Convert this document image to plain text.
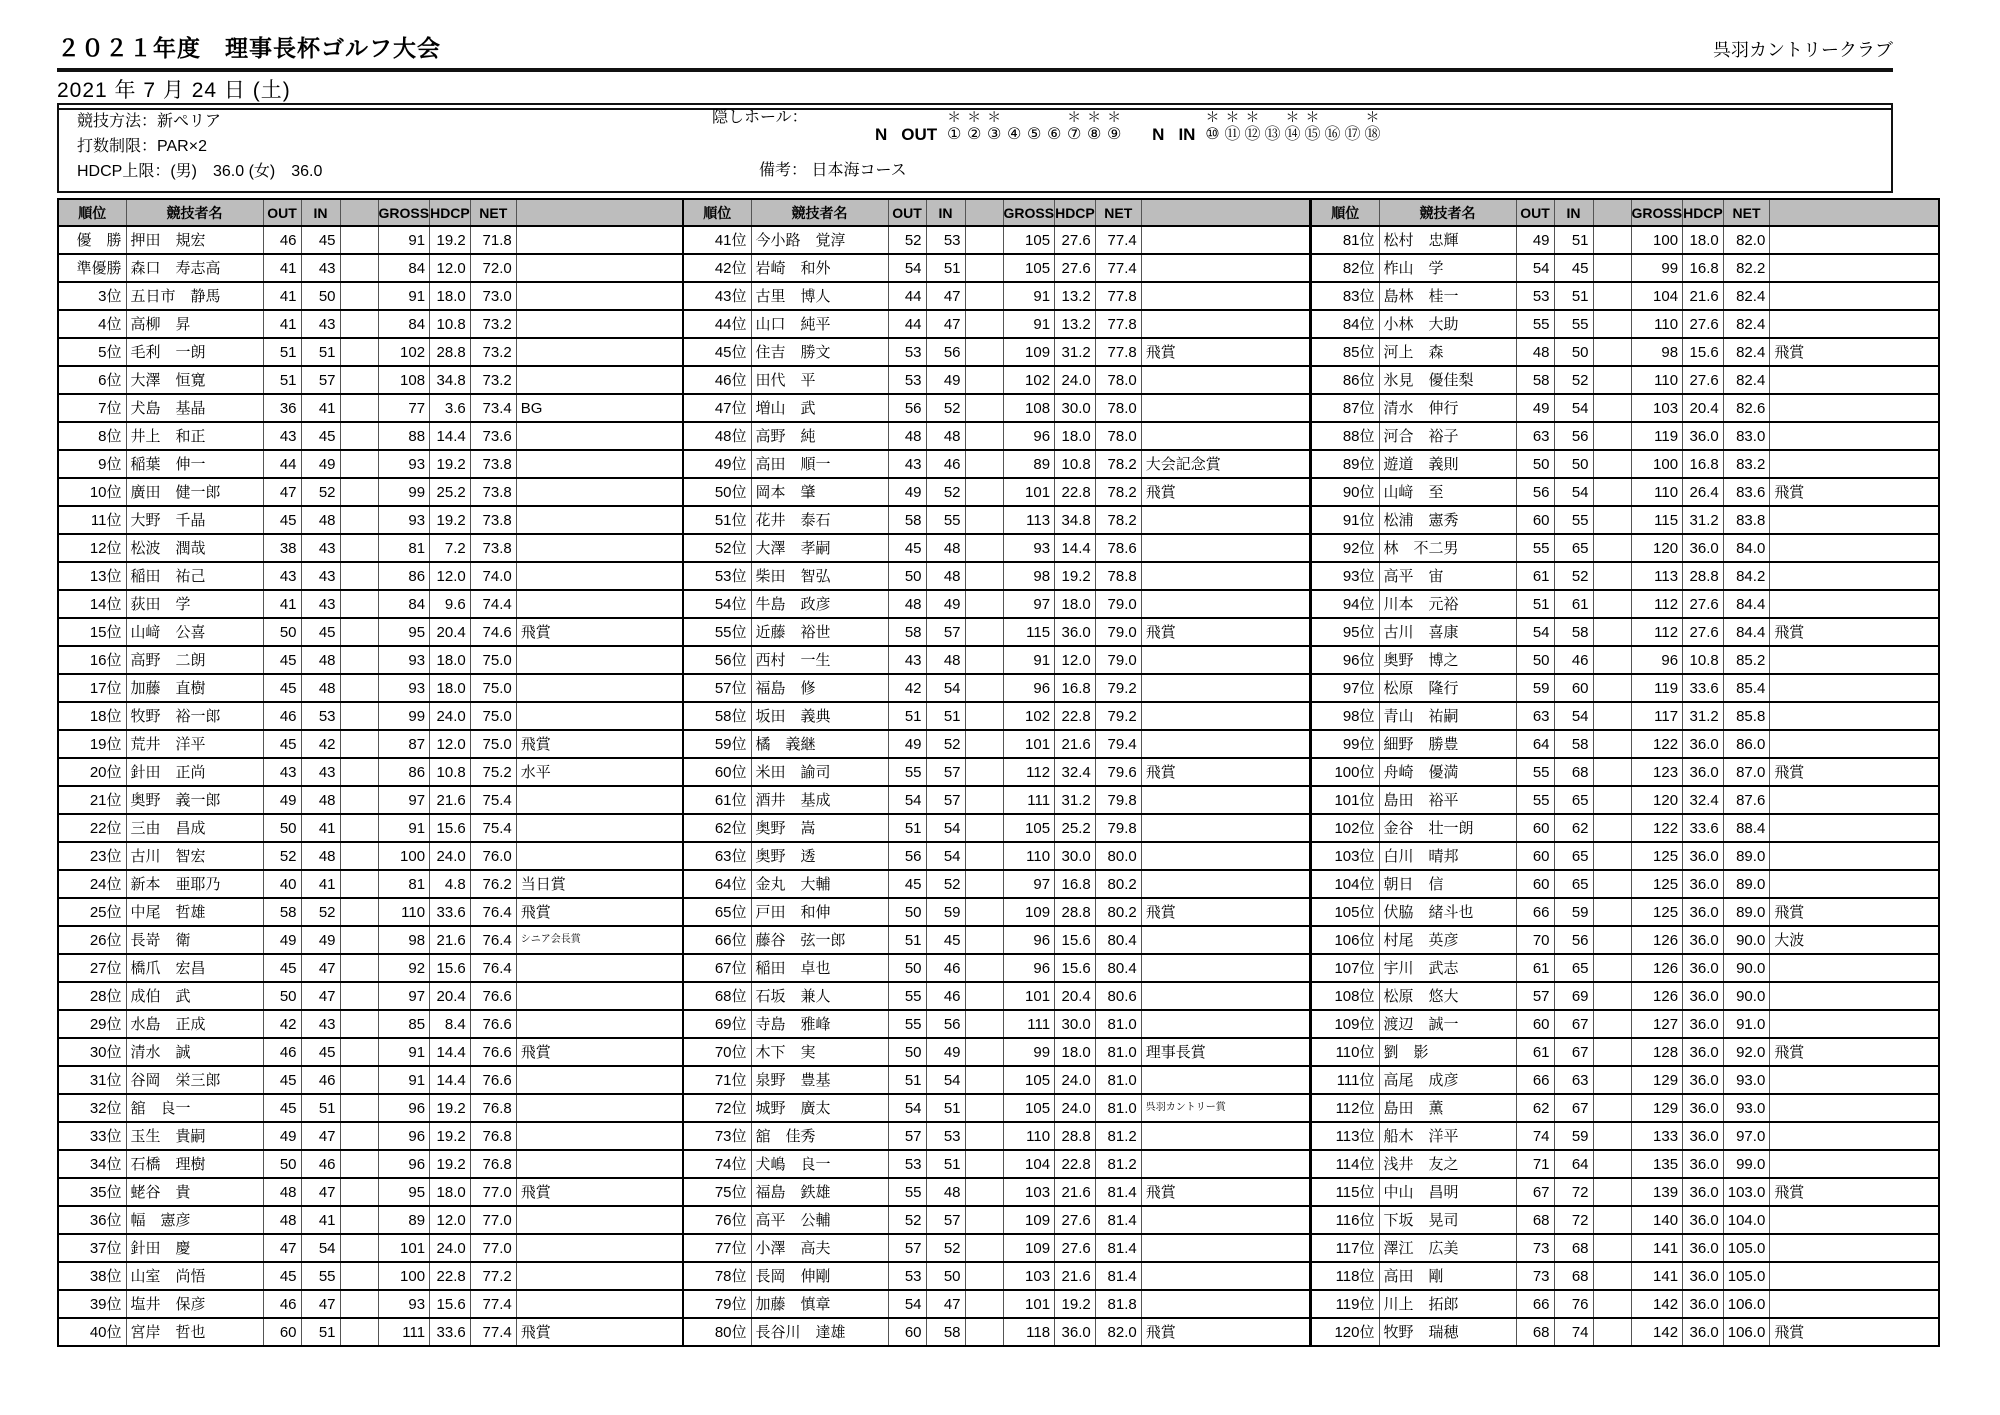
２０２１年度　理事長杯ゴルフ大会	呉羽カントリークラブ
2021 年 7 月 24 日 (土)
競技方法：新ペリア
打数制限：PAR×2
HDCP上限：(男)　36.0 (女)　36.0
隠しホール：
N OUT
＊
①
＊
②
＊
③ ④ ⑤ ⑥
＊
⑦
＊
⑧
＊
⑨ N IN
＊
⑩
＊
⑪
＊
⑫ ⑬
＊
⑭
＊
⑮ ⑯ ⑰
＊
⑱
備考： 日本海コース
順位	競技者名	OUT	IN		GROSS	HDCP	NET	
優　勝	押田　規宏	46	45		91	19.2	71.8	
準優勝	森口　寿志高	41	43		84	12.0	72.0	
3位	五日市　静馬	41	50		91	18.0	73.0	
4位	高柳　昇	41	43		84	10.8	73.2	
5位	毛利　一朗	51	51		102	28.8	73.2	
6位	大澤　恒寛	51	57		108	34.8	73.2	
7位	犬島　基晶	36	41		77	3.6	73.4	BG
8位	井上　和正	43	45		88	14.4	73.6	
9位	稲葉　伸一	44	49		93	19.2	73.8	
10位	廣田　健一郎	47	52		99	25.2	73.8	
11位	大野　千晶	45	48		93	19.2	73.8	
12位	松波　潤哉	38	43		81	7.2	73.8	
13位	稲田　祐己	43	43		86	12.0	74.0	
14位	荻田　学	41	43		84	9.6	74.4	
15位	山﨑　公喜	50	45		95	20.4	74.6	飛賞
16位	高野　二朗	45	48		93	18.0	75.0	
17位	加藤　直樹	45	48		93	18.0	75.0	
18位	牧野　裕一郎	46	53		99	24.0	75.0	
19位	荒井　洋平	45	42		87	12.0	75.0	飛賞
20位	針田　正尚	43	43		86	10.8	75.2	水平
21位	奥野　義一郎	49	48		97	21.6	75.4	
22位	三由　昌成	50	41		91	15.6	75.4	
23位	古川　智宏	52	48		100	24.0	76.0	
24位	新本　亜耶乃	40	41		81	4.8	76.2	当日賞
25位	中尾　哲雄	58	52		110	33.6	76.4	飛賞
26位	長嵜　衛	49	49		98	21.6	76.4	シニア会長賞
27位	橋爪　宏昌	45	47		92	15.6	76.4	
28位	成伯　武	50	47		97	20.4	76.6	
29位	水島　正成	42	43		85	8.4	76.6	
30位	清水　誠	46	45		91	14.4	76.6	飛賞
31位	谷岡　栄三郎	45	46		91	14.4	76.6	
32位	舘　良一	45	51		96	19.2	76.8	
33位	玉生　貴嗣	49	47		96	19.2	76.8	
34位	石橋　理樹	50	46		96	19.2	76.8	
35位	蛯谷　貴	48	47		95	18.0	77.0	飛賞
36位	幅　憲彦	48	41		89	12.0	77.0	
37位	針田　慶	47	54		101	24.0	77.0	
38位	山室　尚悟	45	55		100	22.8	77.2	
39位	塩井　保彦	46	47		93	15.6	77.4	
40位	宮岸　哲也	60	51		111	33.6	77.4	飛賞
順位	競技者名	OUT	IN		GROSS	HDCP	NET	
41位	今小路　覚淳	52	53		105	27.6	77.4	
42位	岩崎　和外	54	51		105	27.6	77.4	
43位	古里　博人	44	47		91	13.2	77.8	
44位	山口　純平	44	47		91	13.2	77.8	
45位	住吉　勝文	53	56		109	31.2	77.8	飛賞
46位	田代　平	53	49		102	24.0	78.0	
47位	増山　武	56	52		108	30.0	78.0	
48位	高野　純	48	48		96	18.0	78.0	
49位	高田　順一	43	46		89	10.8	78.2	大会記念賞
50位	岡本　肇	49	52		101	22.8	78.2	飛賞
51位	花井　泰石	58	55		113	34.8	78.2	
52位	大澤　孝嗣	45	48		93	14.4	78.6	
53位	柴田　智弘	50	48		98	19.2	78.8	
54位	牛島　政彦	48	49		97	18.0	79.0	
55位	近藤　裕世	58	57		115	36.0	79.0	飛賞
56位	西村　一生	43	48		91	12.0	79.0	
57位	福島　修	42	54		96	16.8	79.2	
58位	坂田　義典	51	51		102	22.8	79.2	
59位	橘　義継	49	52		101	21.6	79.4	
60位	米田　諭司	55	57		112	32.4	79.6	飛賞
61位	酒井　基成	54	57		111	31.2	79.8	
62位	奥野　嵩	51	54		105	25.2	79.8	
63位	奥野　透	56	54		110	30.0	80.0	
64位	金丸　大輔	45	52		97	16.8	80.2	
65位	戸田　和伸	50	59		109	28.8	80.2	飛賞
66位	藤谷　弦一郎	51	45		96	15.6	80.4	
67位	稲田　卓也	50	46		96	15.6	80.4	
68位	石坂　兼人	55	46		101	20.4	80.6	
69位	寺島　雅峰	55	56		111	30.0	81.0	
70位	木下　実	50	49		99	18.0	81.0	理事長賞
71位	泉野　豊基	51	54		105	24.0	81.0	
72位	城野　廣太	54	51		105	24.0	81.0	呉羽カントリー賞
73位	舘　佳秀	57	53		110	28.8	81.2	
74位	犬嶋　良一	53	51		104	22.8	81.2	
75位	福島　鉄雄	55	48		103	21.6	81.4	飛賞
76位	高平　公輔	52	57		109	27.6	81.4	
77位	小澤　高夫	57	52		109	27.6	81.4	
78位	長岡　伸剛	53	50		103	21.6	81.4	
79位	加藤　慎章	54	47		101	19.2	81.8	
80位	長谷川　達雄	60	58		118	36.0	82.0	飛賞
順位	競技者名	OUT	IN		GROSS	HDCP	NET	
81位	松村　忠輝	49	51		100	18.0	82.0	
82位	柞山　学	54	45		99	16.8	82.2	
83位	島林　桂一	53	51		104	21.6	82.4	
84位	小林　大助	55	55		110	27.6	82.4	
85位	河上　森	48	50		98	15.6	82.4	飛賞
86位	氷見　優佳梨	58	52		110	27.6	82.4	
87位	清水　伸行	49	54		103	20.4	82.6	
88位	河合　裕子	63	56		119	36.0	83.0	
89位	遊道　義則	50	50		100	16.8	83.2	
90位	山﨑　至	56	54		110	26.4	83.6	飛賞
91位	松浦　憲秀	60	55		115	31.2	83.8	
92位	林　不二男	55	65		120	36.0	84.0	
93位	高平　宙	61	52		113	28.8	84.2	
94位	川本　元裕	51	61		112	27.6	84.4	
95位	古川　喜康	54	58		112	27.6	84.4	飛賞
96位	奥野　博之	50	46		96	10.8	85.2	
97位	松原　隆行	59	60		119	33.6	85.4	
98位	青山　祐嗣	63	54		117	31.2	85.8	
99位	細野　勝豊	64	58		122	36.0	86.0	
100位	舟崎　優満	55	68		123	36.0	87.0	飛賞
101位	島田　裕平	55	65		120	32.4	87.6	
102位	金谷　壮一朗	60	62		122	33.6	88.4	
103位	白川　晴邦	60	65		125	36.0	89.0	
104位	朝日　信	60	65		125	36.0	89.0	
105位	伏脇　緒斗也	66	59		125	36.0	89.0	飛賞
106位	村尾　英彦	70	56		126	36.0	90.0	大波
107位	宇川　武志	61	65		126	36.0	90.0	
108位	松原　悠大	57	69		126	36.0	90.0	
109位	渡辺　誠一	60	67		127	36.0	91.0	
110位	劉　影	61	67		128	36.0	92.0	飛賞
111位	高尾　成彦	66	63		129	36.0	93.0	
112位	島田　薫	62	67		129	36.0	93.0	
113位	船木　洋平	74	59		133	36.0	97.0	
114位	浅井　友之	71	64		135	36.0	99.0	
115位	中山　昌明	67	72		139	36.0	103.0	飛賞
116位	下坂　晃司	68	72		140	36.0	104.0	
117位	澤江　広美	73	68		141	36.0	105.0	
118位	高田　剛	73	68		141	36.0	105.0	
119位	川上　拓郎	66	76		142	36.0	106.0	
120位	牧野　瑞穂	68	74		142	36.0	106.0	飛賞
